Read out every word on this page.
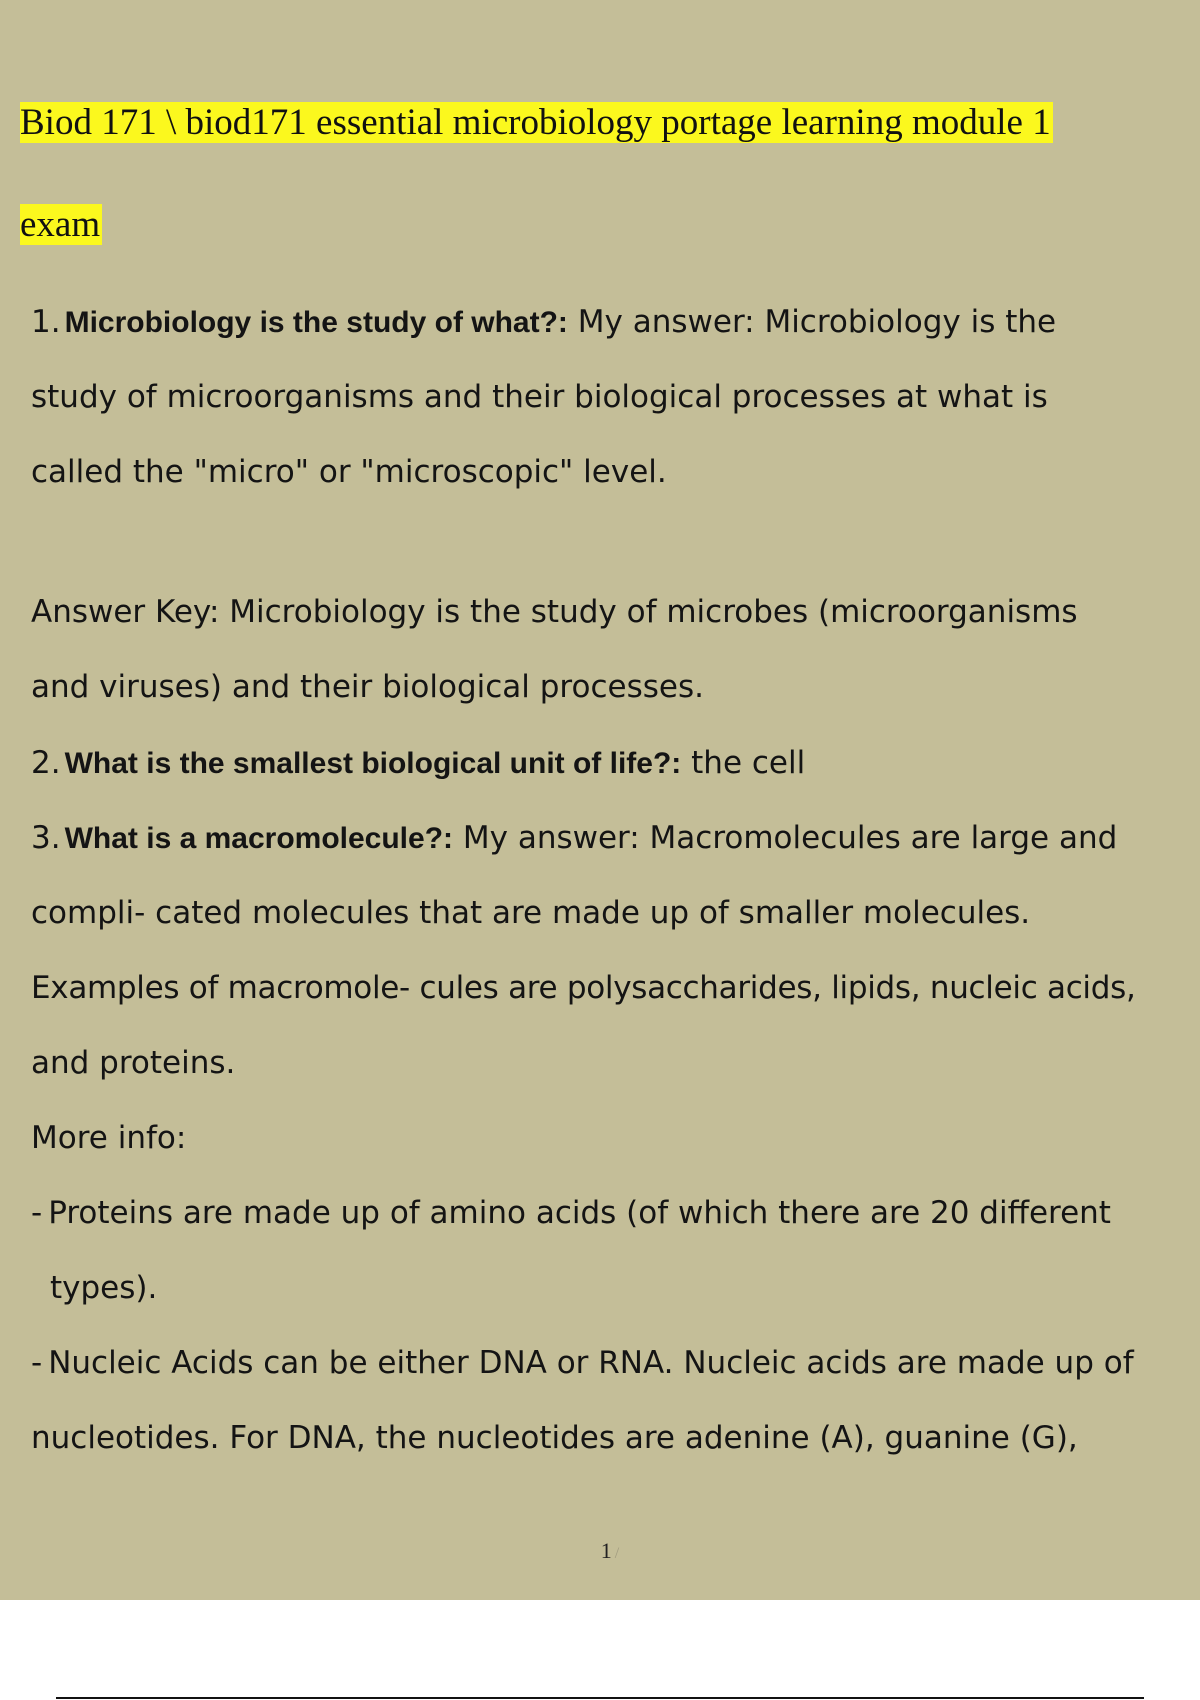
Biod 171 \ biod171 essential microbiology portage learning module 1
exam
1. Microbiology is the study of what?: My answer: Microbiology is the
study of microorganisms and their biological processes at what is
called the "micro" or "microscopic" level.
Answer Key: Microbiology is the study of microbes (microorganisms
and viruses) and their biological processes.
2. What is the smallest biological unit of life?: the cell
3. What is a macromolecule?: My answer: Macromolecules are large and
compli- cated molecules that are made up of smaller molecules.
Examples of macromole- cules are polysaccharides, lipids, nucleic acids,
and proteins.
More info:
- Proteins are made up of amino acids (of which there are 20 different
types).
- Nucleic Acids can be either DNA or RNA. Nucleic acids are made up of
nucleotides. For DNA, the nucleotides are adenine (A), guanine (G),
1 /
